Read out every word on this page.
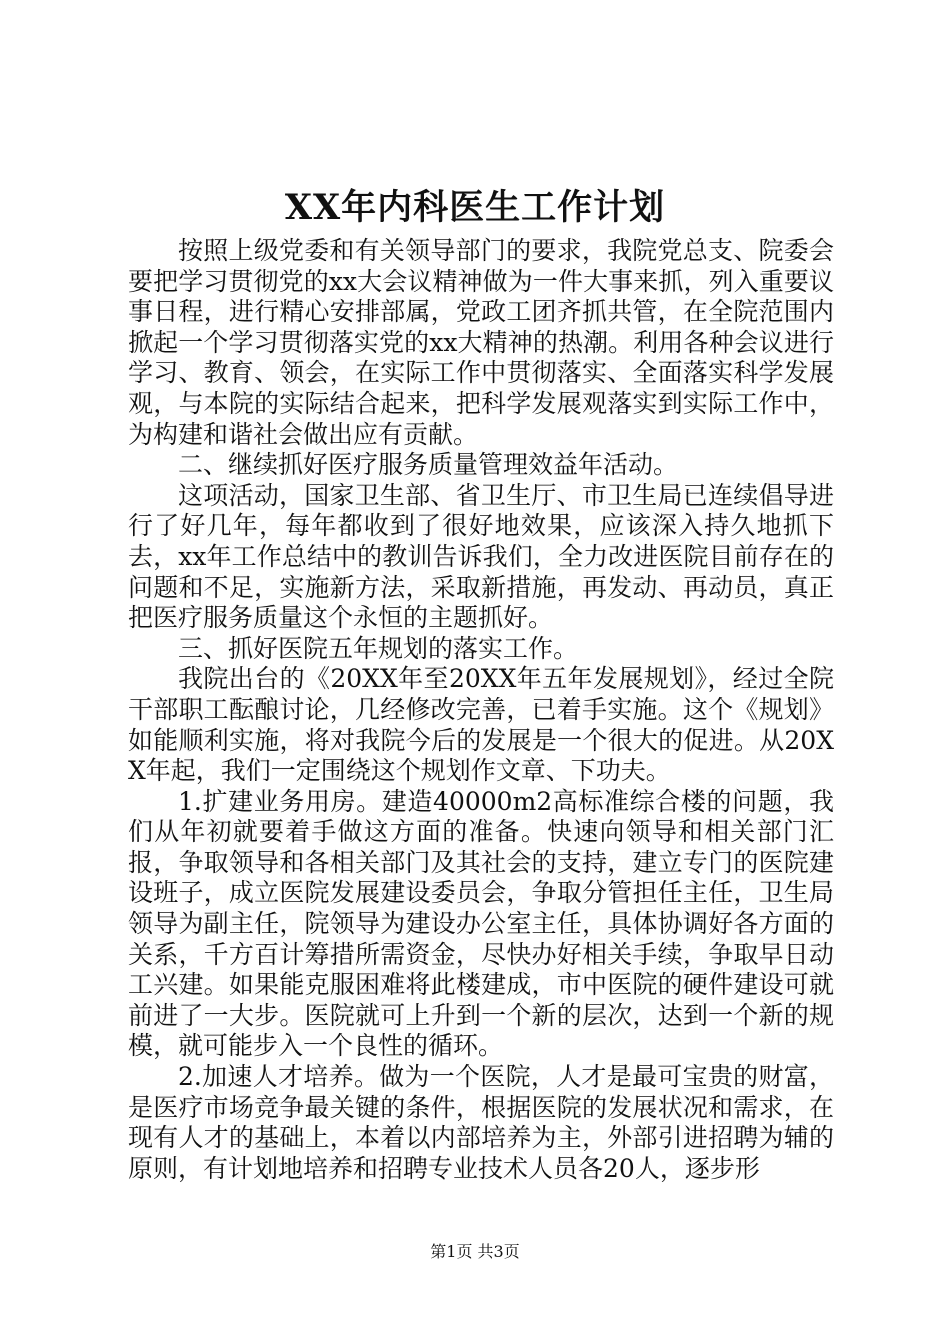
XX年内科医生工作计划

按照上级党委和有关领导部门的要求，我院党总支、院委会要把学习贯彻党的xx大会议精神做为一件大事来抓，列入重要议事日程，进行精心安排部属，党政工团齐抓共管，在全院范围内掀起一个学习贯彻落实党的xx大精神的热潮。利用各种会议进行学习、教育、领会，在实际工作中贯彻落实、全面落实科学发展观，与本院的实际结合起来，把科学发展观落实到实际工作中，为构建和谐社会做出应有贡献。

二、继续抓好医疗服务质量管理效益年活动。

这项活动，国家卫生部、省卫生厅、市卫生局已连续倡导进行了好几年，每年都收到了很好地效果，应该深入持久地抓下去，xx年工作总结中的教训告诉我们，全力改进医院目前存在的问题和不足，实施新方法，采取新措施，再发动、再动员，真正把医疗服务质量这个永恒的主题抓好。

三、抓好医院五年规划的落实工作。

我院出台的《20XX年至20XX年五年发展规划》，经过全院干部职工酝酿讨论，几经修改完善，已着手实施。这个《规划》如能顺利实施，将对我院今后的发展是一个很大的促进。从20XX年起，我们一定围绕这个规划作文章、下功夫。

1.扩建业务用房。建造40000m2高标准综合楼的问题，我们从年初就要着手做这方面的准备。快速向领导和相关部门汇报，争取领导和各相关部门及其社会的支持，建立专门的医院建设班子，成立医院发展建设委员会，争取分管担任主任，卫生局领导为副主任，院领导为建设办公室主任，具体协调好各方面的关系，千方百计筹措所需资金，尽快办好相关手续，争取早日动工兴建。如果能克服困难将此楼建成，市中医院的硬件建设可就前进了一大步。医院就可上升到一个新的层次，达到一个新的规模，就可能步入一个良性的循环。

2.加速人才培养。做为一个医院，人才是最可宝贵的财富，是医疗市场竞争最关键的条件，根据医院的发展状况和需求，在现有人才的基础上，本着以内部培养为主，外部引进招聘为辅的原则，有计划地培养和招聘专业技术人员各20人，逐步形

第1页 共3页
